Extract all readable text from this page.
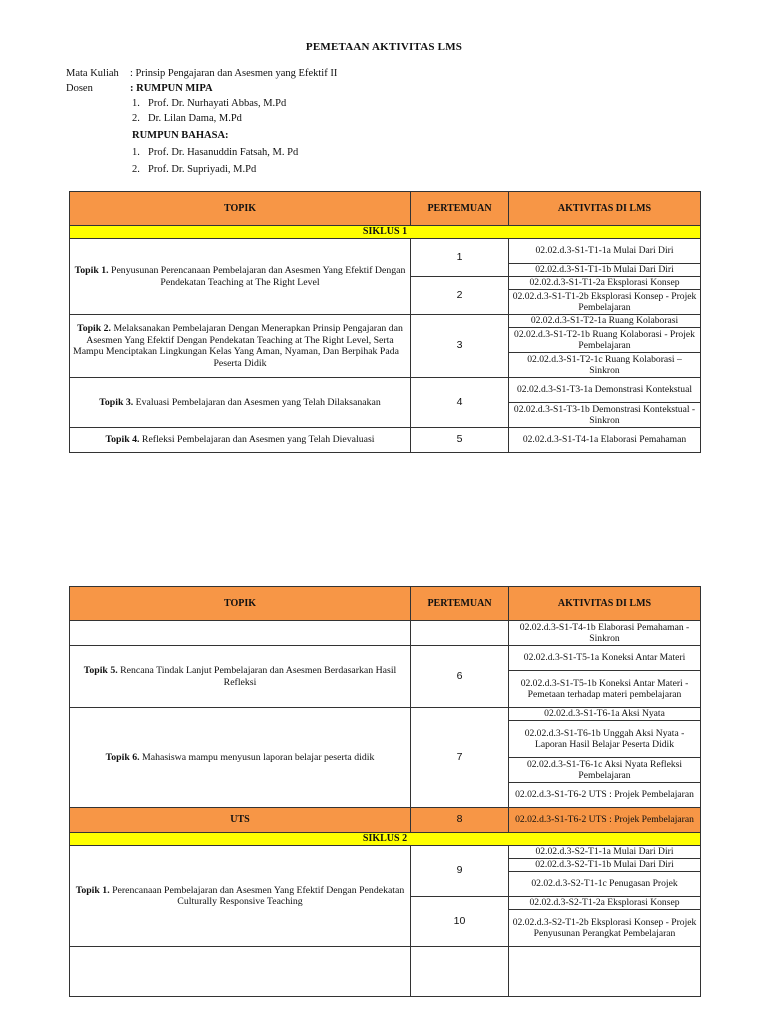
PEMETAAN AKTIVITAS LMS
Mata Kuliah	: Prinsip Pengajaran dan Asesmen yang Efektif II
Dosen	: RUMPUN MIPA
1. Prof. Dr. Nurhayati Abbas, M.Pd
2. Dr. Lilan Dama, M.Pd
RUMPUN BAHASA:
1. Prof. Dr. Hasanuddin Fatsah, M. Pd
2. Prof. Dr. Supriyadi, M.Pd
TOPIK	PERTEMUAN	AKTIVITAS DI LMS
SIKLUS 1		
Topik 1. Penyusunan Perencanaan Pembelajaran dan Asesmen Yang Efektif Dengan Pendekatan Teaching at The Right Level	1	02.02.d.3-S1-T1-1a Mulai Dari Diri
		02.02.d.3-S1-T1-1b Mulai Dari Diri
	2	02.02.d.3-S1-T1-2a Eksplorasi Konsep
		02.02.d.3-S1-T1-2b Eksplorasi Konsep - Projek Pembelajaran

Topik 2. Melaksanakan Pembelajaran Dengan Menerapkan Prinsip Pengajaran dan Asesmen Yang Efektif Dengan Pendekatan Teaching at The Right Level, Serta
Mampu Menciptakan Lingkungan Kelas Yang Aman, Nyaman, Dan Berpihak Pada
Peserta Didik	3	02.02.d.3-S1-T2-1a Ruang Kolaborasi
		02.02.d.3-S1-T2-1b Ruang Kolaborasi - Projek Pembelajaran
		02.02.d.3-S1-T2-1c Ruang Kolaborasi – Sinkron
Topik 3. Evaluasi Pembelajaran dan Asesmen yang Telah Dilaksanakan	4	02.02.d.3-S1-T3-1a Demonstrasi Kontekstual
		02.02.d.3-S1-T3-1b Demonstrasi Kontekstual - Sinkron
Topik 4. Refleksi Pembelajaran dan Asesmen yang Telah Dievaluasi	5	02.02.d.3-S1-T4-1a Elaborasi Pemahaman
TOPIK	PERTEMUAN	AKTIVITAS DI LMS
		02.02.d.3-S1-T4-1b Elaborasi Pemahaman - Sinkron

Topik 5. Rencana Tindak Lanjut Pembelajaran dan Asesmen Berdasarkan Hasil
Refleksi	6	02.02.d.3-S1-T5-1a Koneksi Antar Materi
		02.02.d.3-S1-T5-1b Koneksi Antar Materi - Pemetaan terhadap materi pembelajaran
Topik 6. Mahasiswa mampu menyusun laporan belajar peserta didik	7	02.02.d.3-S1-T6-1a Aksi Nyata
		02.02.d.3-S1-T6-1b Unggah Aksi Nyata - Laporan Hasil Belajar Peserta Didik
		02.02.d.3-S1-T6-1c Aksi Nyata Refleksi Pembelajaran
		02.02.d.3-S1-T6-2 UTS : Projek Pembelajaran
UTS	8	02.02.d.3-S1-T6-2 UTS : Projek Pembelajaran
SIKLUS 2		
Topik 1. Perencanaan Pembelajaran dan Asesmen Yang Efektif Dengan Pendekatan Culturally Responsive Teaching	9	02.02.d.3-S2-T1-1a Mulai Dari Diri
		02.02.d.3-S2-T1-1b Mulai Dari Diri
		02.02.d.3-S2-T1-1c Penugasan Projek
	10	02.02.d.3-S2-T1-2a Eksplorasi Konsep
		02.02.d.3-S2-T1-2b Eksplorasi Konsep - Projek Penyusunan Perangkat Pembelajaran
